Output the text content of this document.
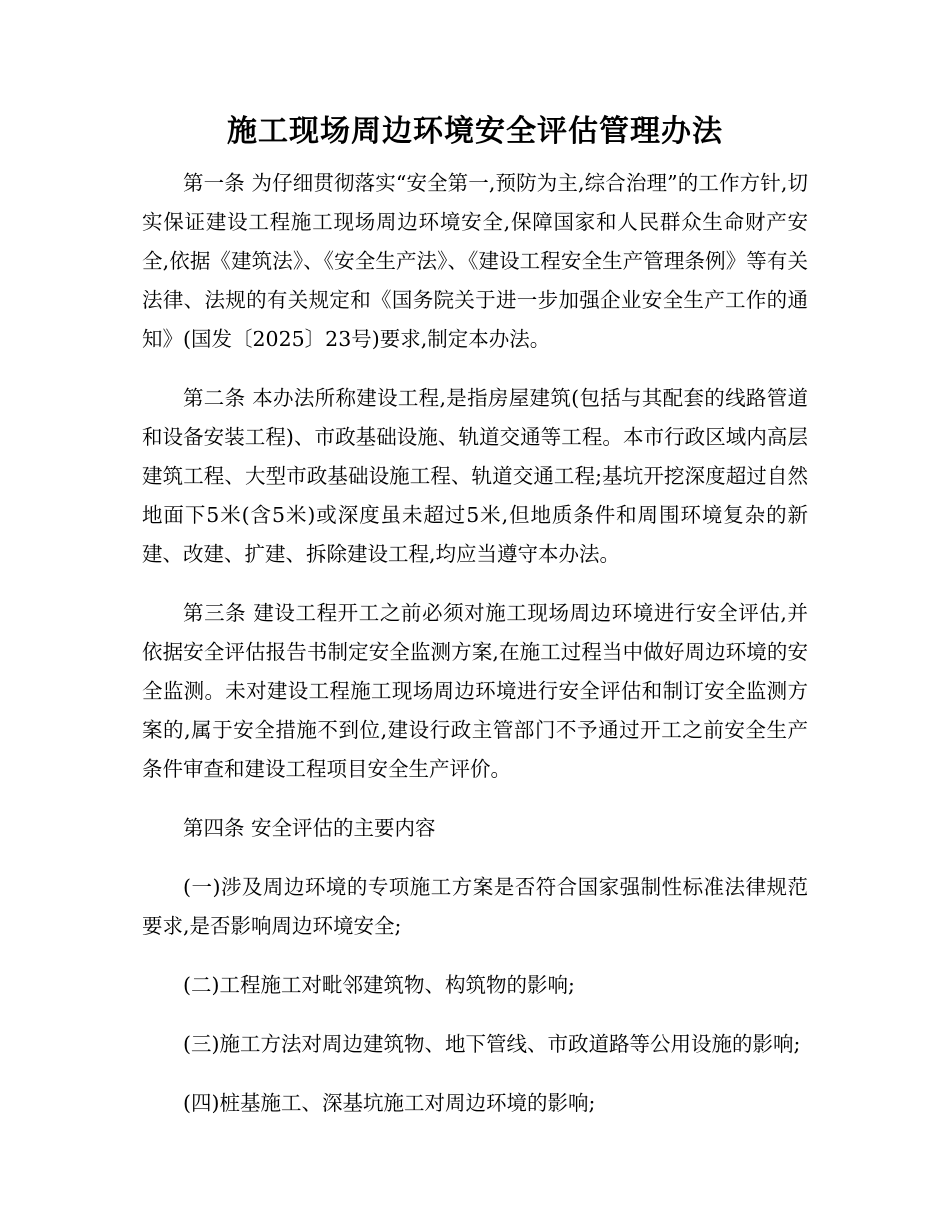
施工现场周边环境安全评估管理办法

第一条 为仔细贯彻落实“安全第一,预防为主,综合治理”的工作方针,切实保证建设工程施工现场周边环境安全,保障国家和人民群众生命财产安全,依据《建筑法》、《安全生产法》、《建设工程安全生产管理条例》等有关法律、法规的有关规定和《国务院关于进一步加强企业安全生产工作的通知》(国发〔2025〕23号)要求,制定本办法。

第二条 本办法所称建设工程,是指房屋建筑(包括与其配套的线路管道和设备安装工程)、市政基础设施、轨道交通等工程。本市行政区域内高层建筑工程、大型市政基础设施工程、轨道交通工程;基坑开挖深度超过自然地面下5米(含5米)或深度虽未超过5米,但地质条件和周围环境复杂的新建、改建、扩建、拆除建设工程,均应当遵守本办法。

第三条 建设工程开工之前必须对施工现场周边环境进行安全评估,并依据安全评估报告书制定安全监测方案,在施工过程当中做好周边环境的安全监测。未对建设工程施工现场周边环境进行安全评估和制订安全监测方案的,属于安全措施不到位,建设行政主管部门不予通过开工之前安全生产条件审查和建设工程项目安全生产评价。

第四条 安全评估的主要内容

(一)涉及周边环境的专项施工方案是否符合国家强制性标准法律规范要求,是否影响周边环境安全;

(二)工程施工对毗邻建筑物、构筑物的影响;

(三)施工方法对周边建筑物、地下管线、市政道路等公用设施的影响;

(四)桩基施工、深基坑施工对周边环境的影响;
